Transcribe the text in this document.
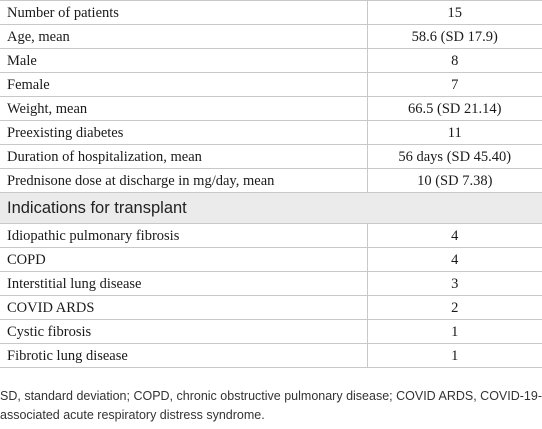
Number of patients	15
Age, mean	58.6 (SD 17.9)
Male	8
Female	7
Weight, mean	66.5 (SD 21.14)
Preexisting diabetes	11
Duration of hospitalization, mean	56 days (SD 45.40)
Prednisone dose at discharge in mg/day, mean	10 (SD 7.38)
Indications for transplant	
Idiopathic pulmonary fibrosis	4
COPD	4
Interstitial lung disease	3
COVID ARDS	2
Cystic fibrosis	1
Fibrotic lung disease	1
SD, standard deviation; COPD, chronic obstructive pulmonary disease; COVID ARDS, COVID-19-associated acute respiratory distress syndrome.
